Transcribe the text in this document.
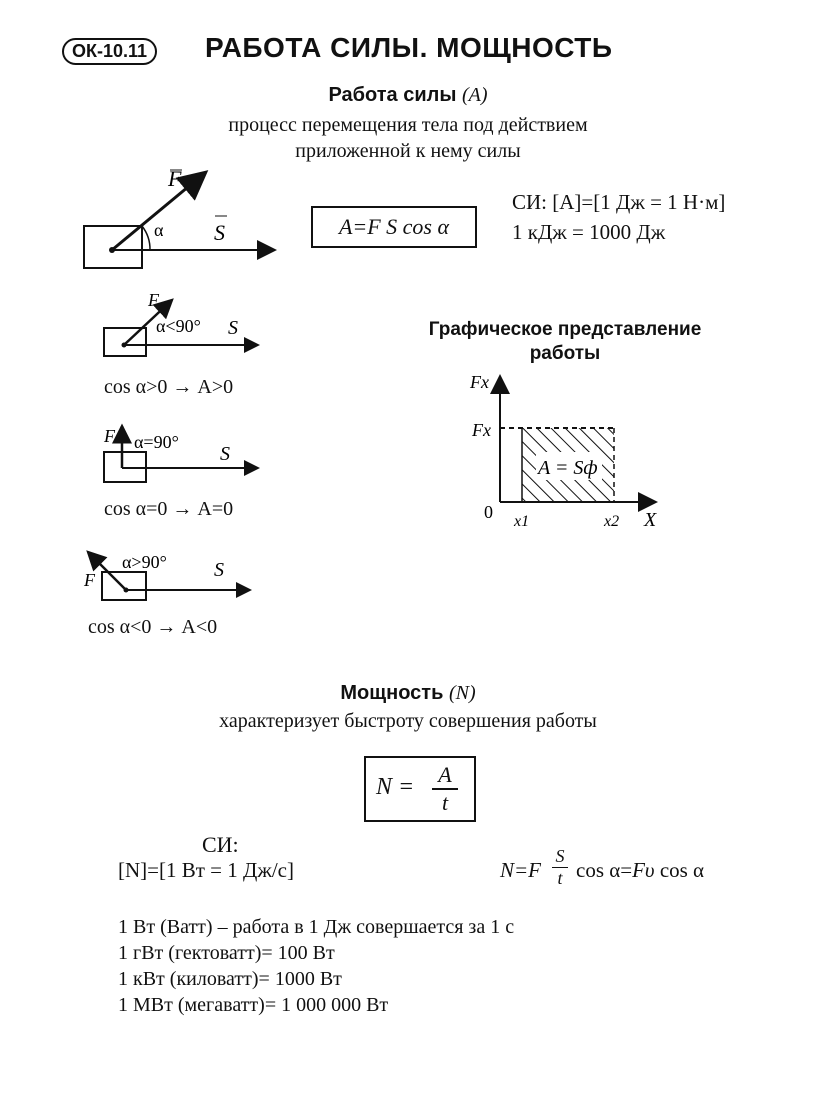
ОК-10.11	РАБОТА СИЛЫ. МОЩНОСТЬ
Работа силы (A)
процесс перемещения тела под действием
приложенной к нему силы
F
α S	A=F S cos α
СИ: [A]=[1 Дж = 1 Н·м]
1 кДж = 1000 Дж
F
α<90° S
cos α>0 → A>0
F α=90°
S
cos α=0 → A=0
F
α>90° S
cos α<0 → A<0
Графическое представление
работы
A = Sф
Fx
Fx
0 x1	x2 X
Мощность (N)
характеризует быстроту совершения работы
N = A
t
СИ:
[N]=[1 Вт = 1 Дж/с]	N=F
S
t cos α=Fυ cos α
1 Вт (Ватт) – работа в 1 Дж совершается за 1 с
1 гВт (гектоватт)= 100 Вт
1 кВт (киловатт)= 1000 Вт
1 МВт (мегаватт)= 1 000 000 Вт
